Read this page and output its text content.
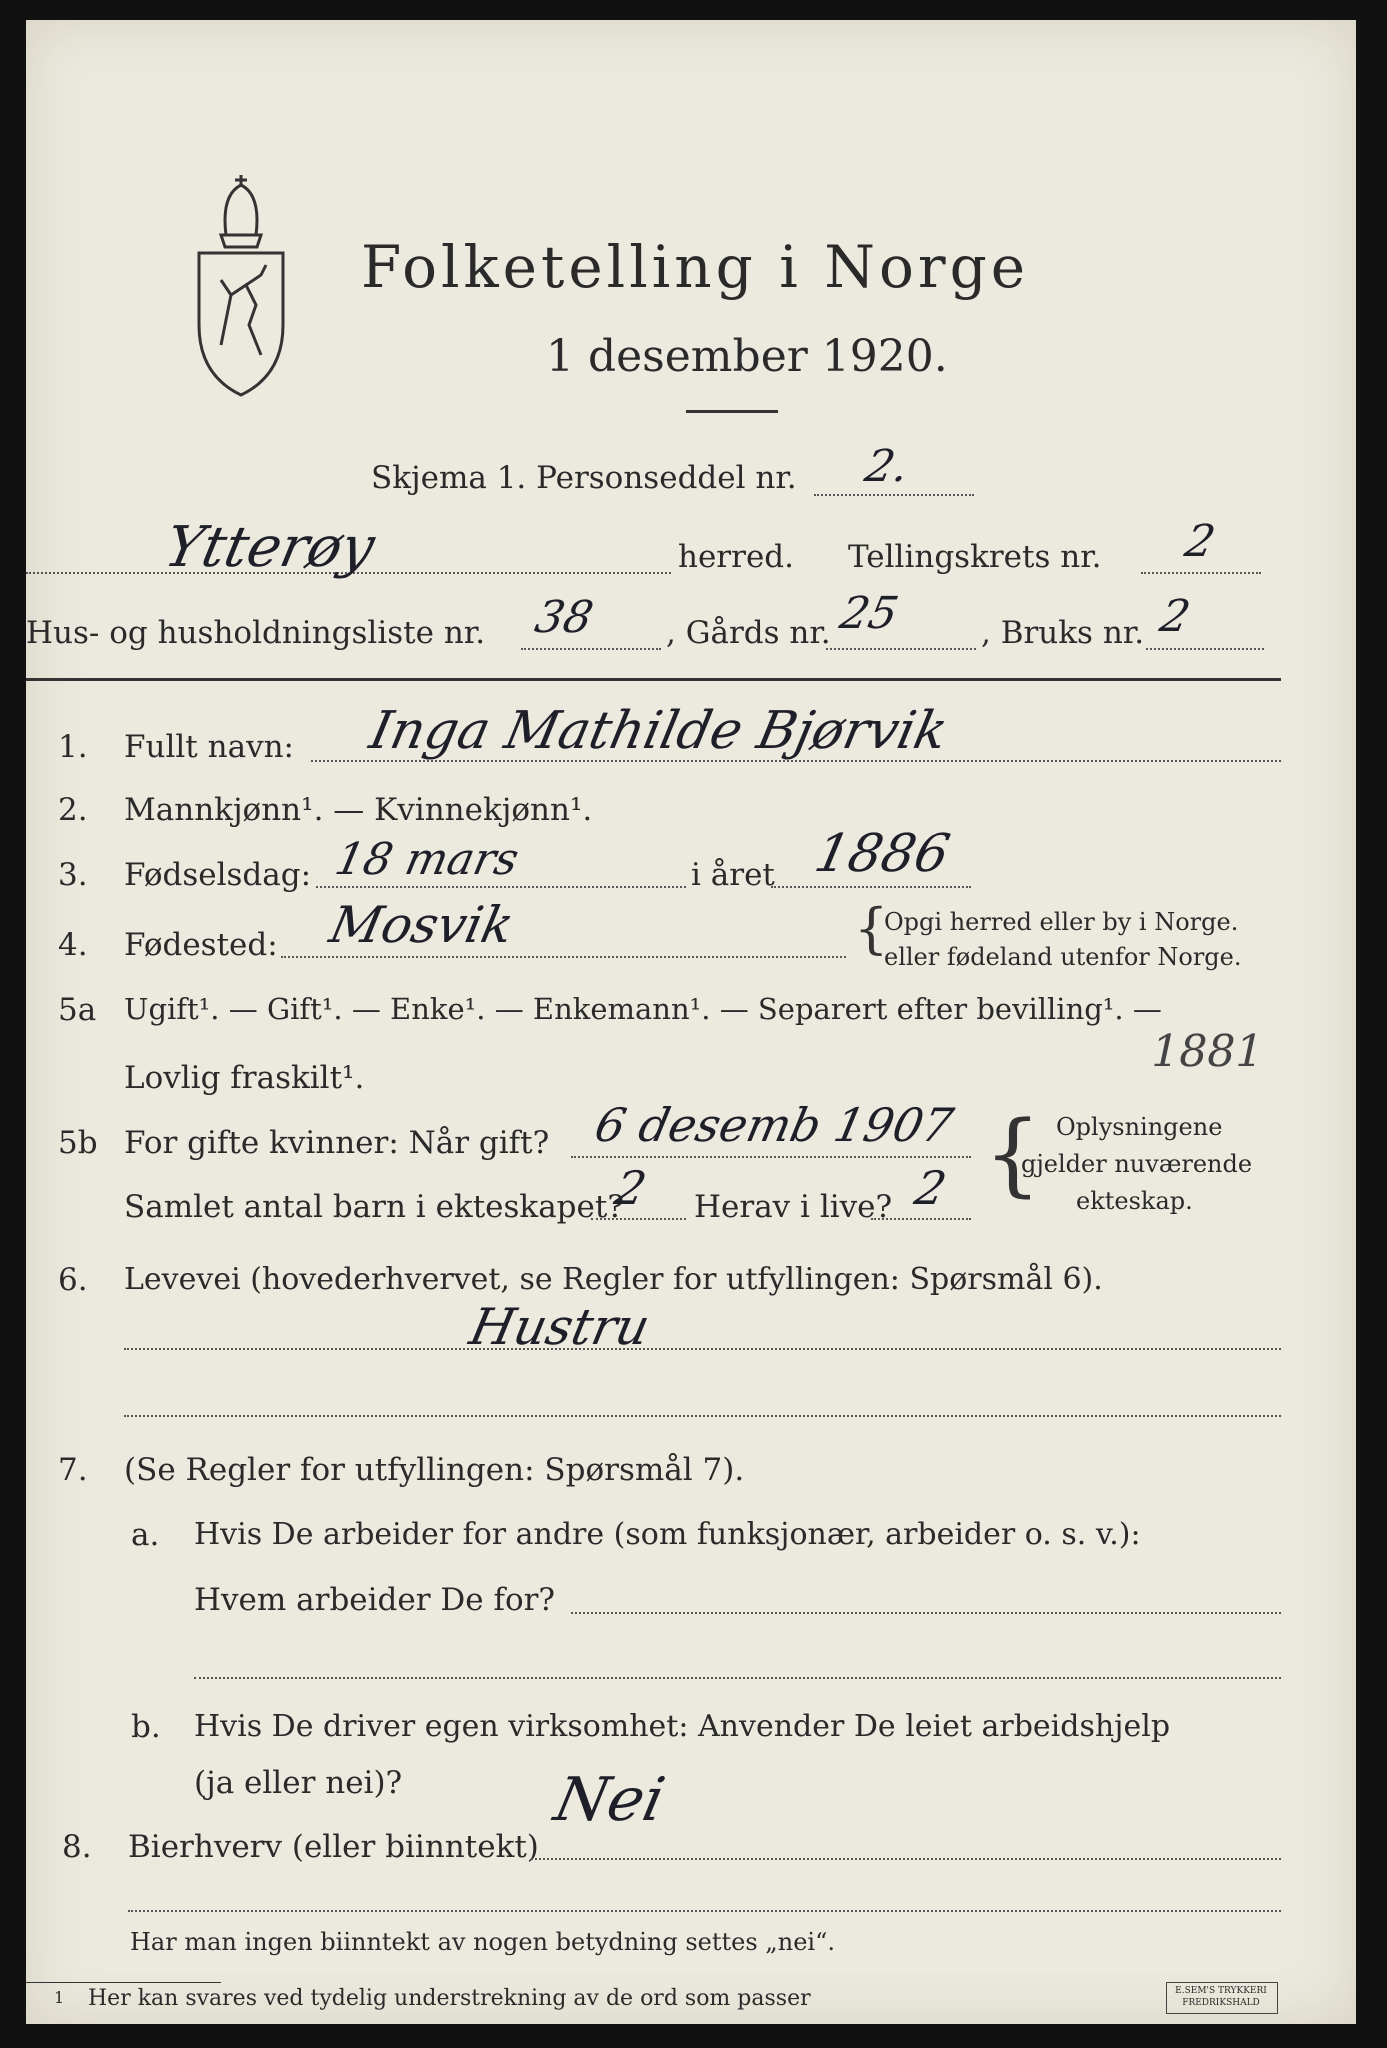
Folketelling i Norge
1 desember 1920.
Skjema 1. Personseddel nr. 2.
Ytterøy	herred. Tellingskrets nr. 2
Hus- og husholdningsliste nr. 38 , Gårds nr. 25	, Bruks nr. 2
1. Fullt navn: Inga Mathilde Bjørvik
2. Mannkjønn¹. — Kvinnekjønn¹.
3. Fødselsdag: 18 mars	i året 1886
4. Fødested: Mosvik	{
Opgi herred eller by i Norge.
eller fødeland utenfor Norge.
5a Ugift¹. — Gift¹. — Enke¹. — Enkemann¹. — Separert efter bevilling¹. —
Lovlig fraskilt¹.
1881
5b For gifte kvinner: Når gift? 6 desemb 1907
Samlet antal barn i ekteskapet?
2 Herav i live? 2 { Oplysningene
gjelder nuværende
ekteskap.
6. Levevei (hovederhvervet, se Regler for utfyllingen: Spørsmål 6).
Hustru
7. (Se Regler for utfyllingen: Spørsmål 7).
a. Hvis De arbeider for andre (som funksjonær, arbeider o. s. v.):
Hvem arbeider De for?
b. Hvis De driver egen virksomhet: Anvender De leiet arbeidshjelp
(ja eller nei)?
8. Bierhverv (eller biinntekt)
Nei
Har man ingen biinntekt av nogen betydning settes „nei“.
1 Her kan svares ved tydelig understrekning av de ord som passer	E.SEM'S TRYKKERI FREDRIKSHALD
